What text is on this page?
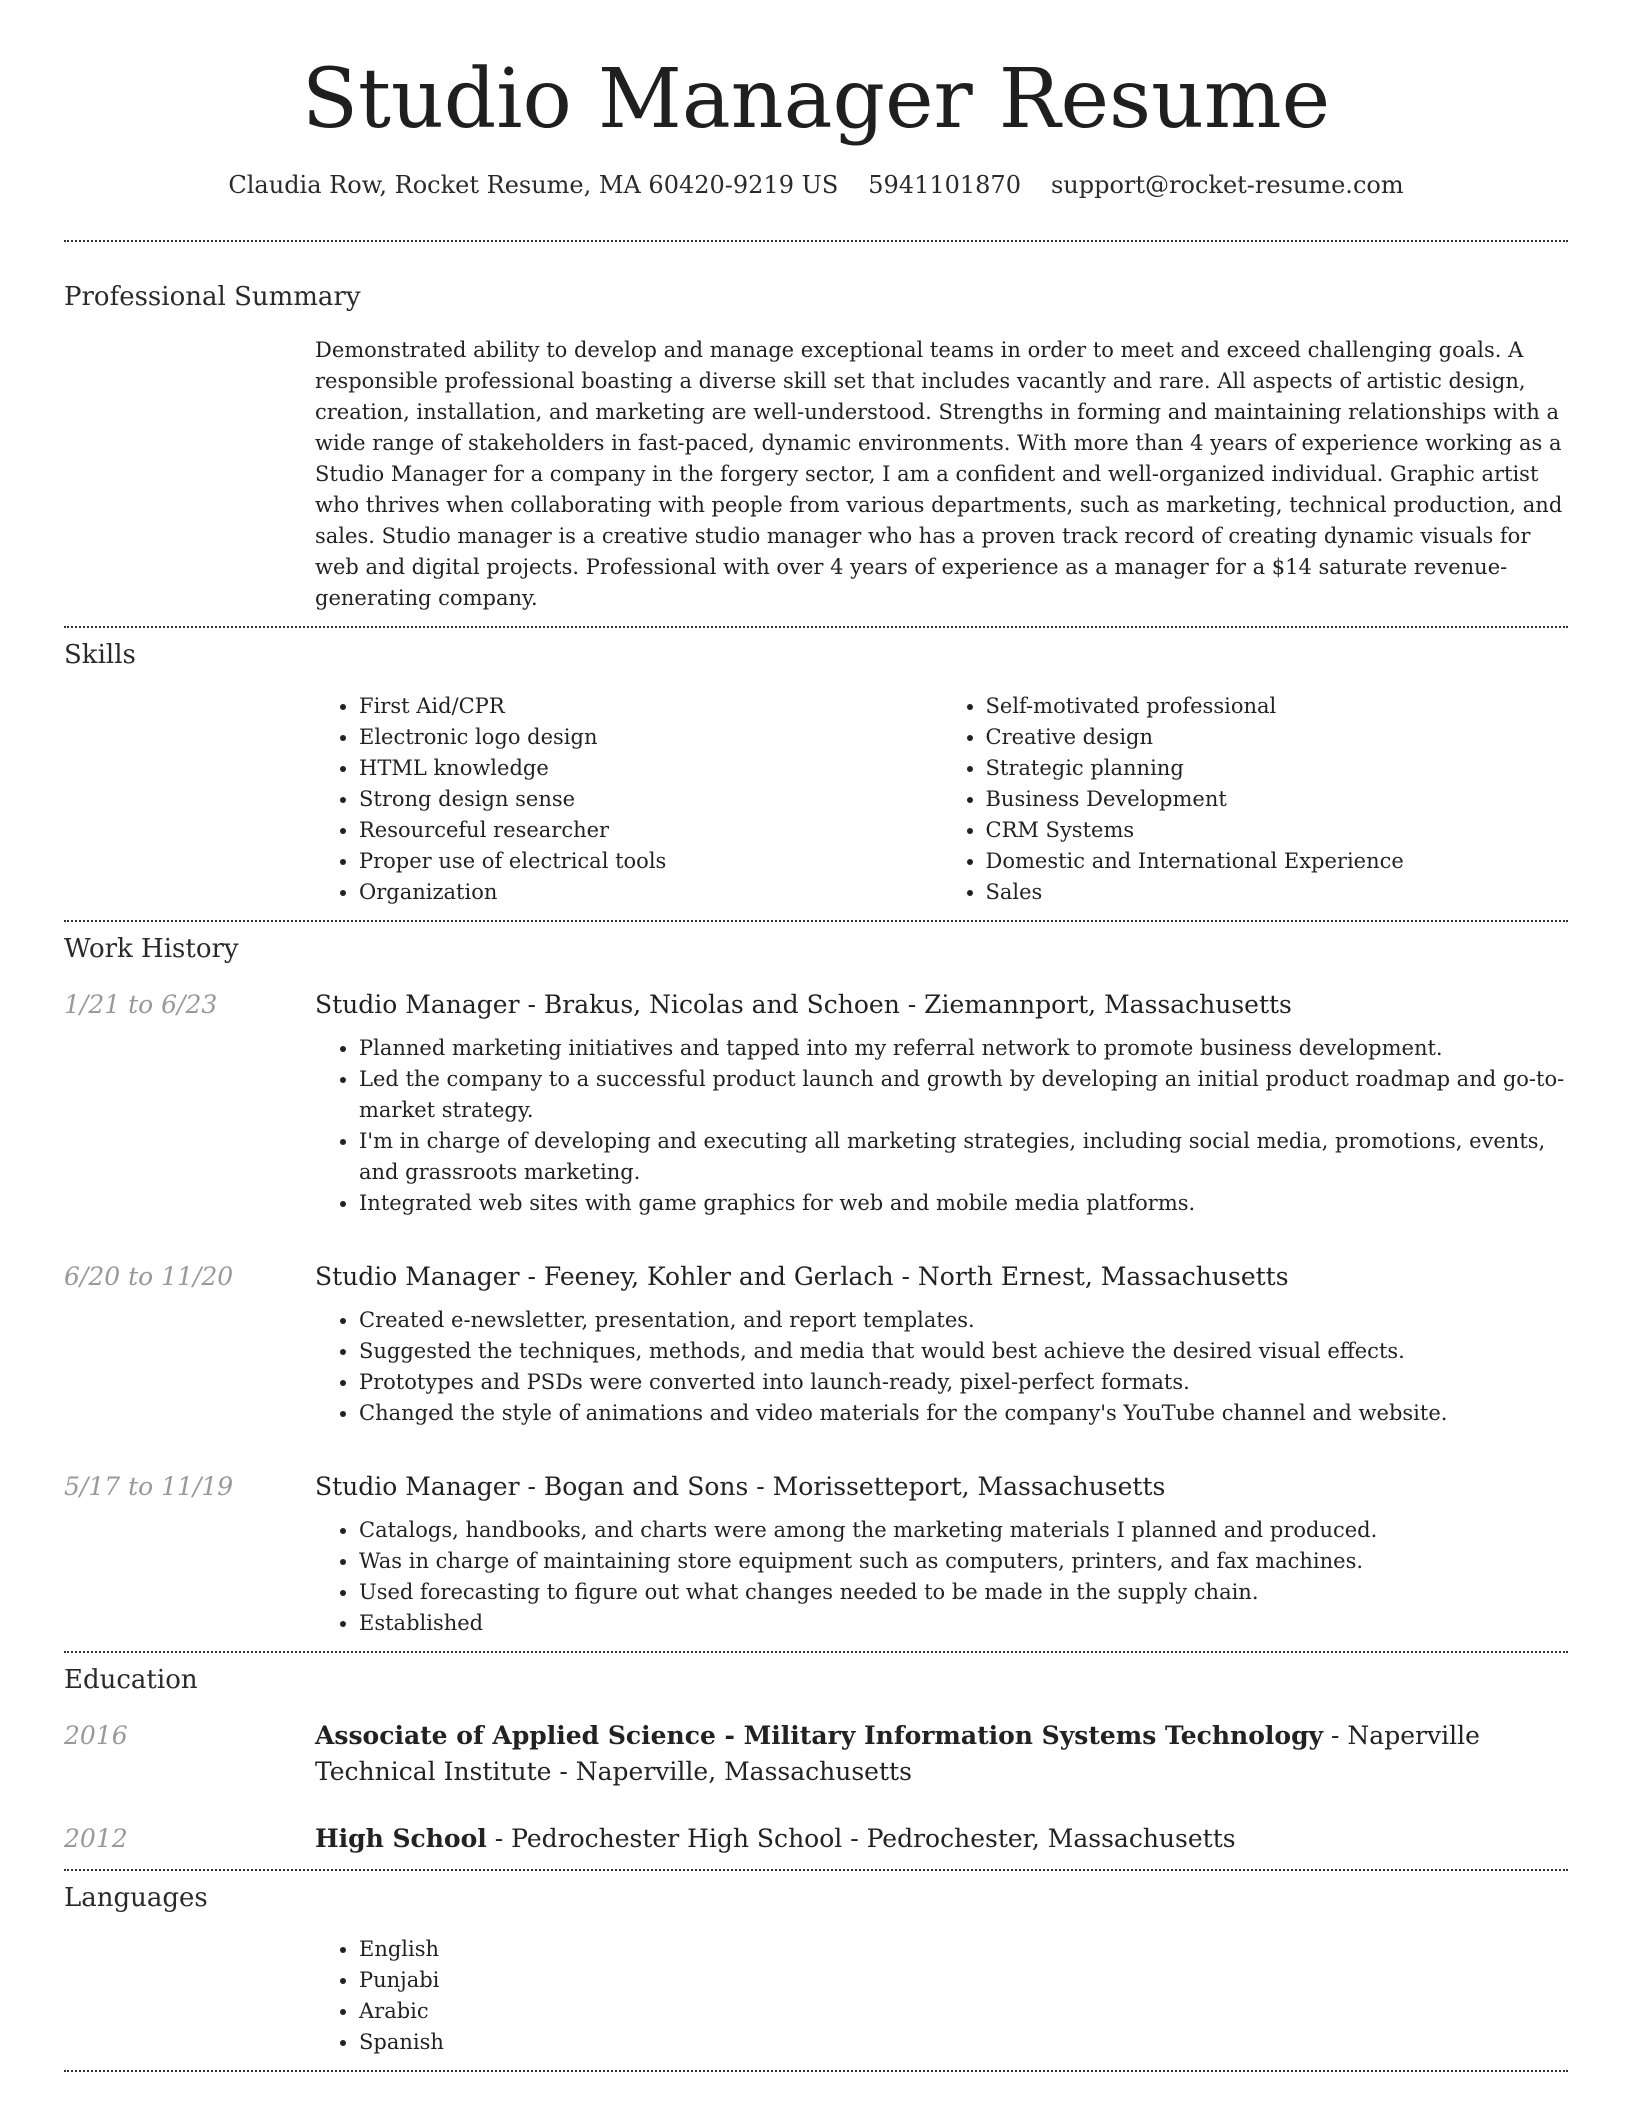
Studio Manager Resume
Claudia Row, Rocket Resume, MA 60420-9219 US 5941101870 support@rocket-resume.com
Professional Summary

Demonstrated ability to develop and manage exceptional teams in order to meet and exceed challenging goals. A responsible professional boasting a diverse skill set that includes vacantly and rare. All aspects of artistic design, creation, installation, and marketing are well-understood. Strengths in forming and maintaining relationships with a wide range of stakeholders in fast-paced, dynamic environments. With more than 4 years of experience working as a Studio Manager for a company in the forgery sector, I am a confident and well-organized individual. Graphic artist who thrives when collaborating with people from various departments, such as marketing, technical production, and sales. Studio manager is a creative studio manager who has a proven track record of creating dynamic visuals for web and digital projects. Professional with over 4 years of experience as a manager for a $14 saturate revenue-generating company.

Skills
• First Aid/CPR
• Electronic logo design
• HTML knowledge
• Strong design sense
• Resourceful researcher
• Proper use of electrical tools
• Organization
• Self-motivated professional
• Creative design
• Strategic planning
• Business Development
• CRM Systems
• Domestic and International Experience
• Sales
Work History
1/21 to 6/23	Studio Manager - Brakus, Nicolas and Schoen - Ziemannport, Massachusetts

• Planned marketing initiatives and tapped into my referral network to promote business development.
• Led the company to a successful product launch and growth by developing an initial product roadmap and go-to-market strategy.
• I'm in charge of developing and executing all marketing strategies, including social media, promotions, events, and grassroots marketing.
• Integrated web sites with game graphics for web and mobile media platforms.
6/20 to 11/20	Studio Manager - Feeney, Kohler and Gerlach - North Ernest, Massachusetts

• Created e-newsletter, presentation, and report templates.
• Suggested the techniques, methods, and media that would best achieve the desired visual effects.
• Prototypes and PSDs were converted into launch-ready, pixel-perfect formats.
• Changed the style of animations and video materials for the company's YouTube channel and website.
5/17 to 11/19	Studio Manager - Bogan and Sons - Morissetteport, Massachusetts

• Catalogs, handbooks, and charts were among the marketing materials I planned and produced.
• Was in charge of maintaining store equipment such as computers, printers, and fax machines.
• Used forecasting to figure out what changes needed to be made in the supply chain.
• Established
Education
2016	Associate of Applied Science - Military Information Systems Technology - Naperville Technical Institute - Naperville, Massachusetts

2012	High School - Pedrochester High School - Pedrochester, Massachusetts

Languages
• English
• Punjabi
• Arabic
• Spanish
